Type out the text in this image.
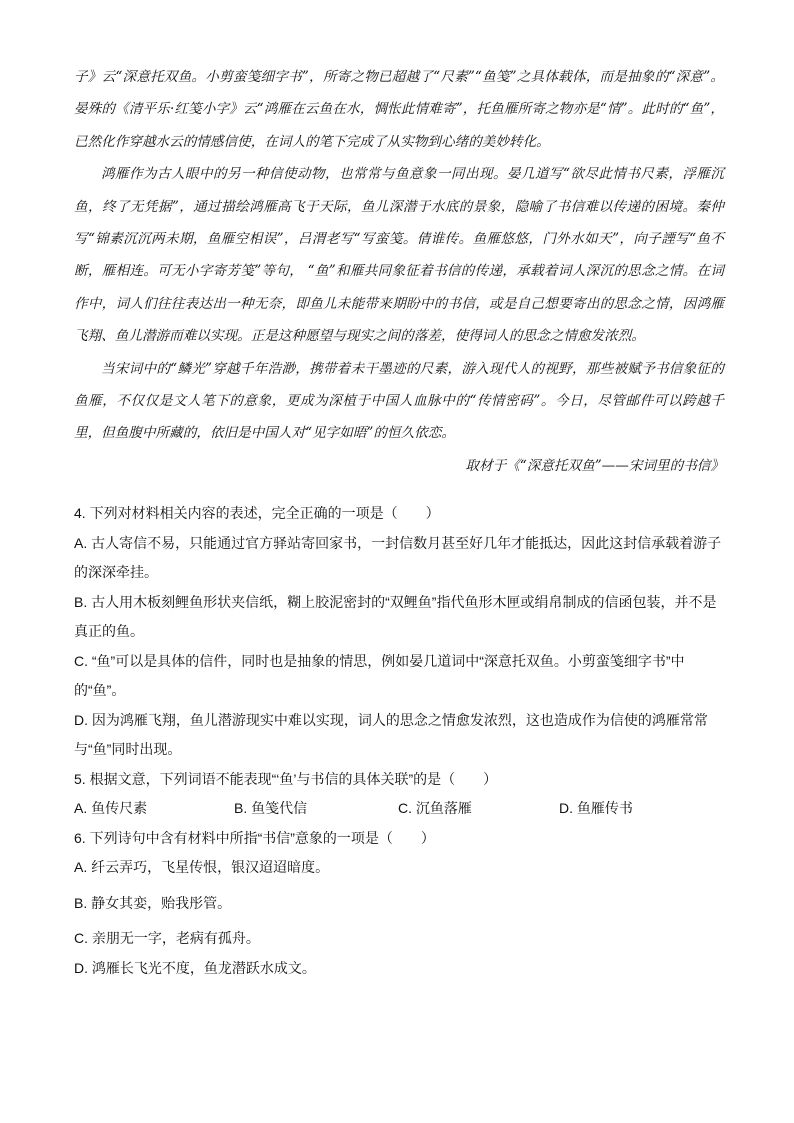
子》云“深意托双鱼。小剪蛮笺细字书”，所寄之物已超越了“尺素”“鱼笺”之具体载体，而是抽象的“深意”。晏殊的《清平乐·红笺小字》云“鸿雁在云鱼在水，惆怅此情难寄”，托鱼雁所寄之物亦是“情”。此时的“鱼”，已然化作穿越水云的情感信使，在词人的笔下完成了从实物到心绪的美妙转化。

鸿雁作为古人眼中的另一种信使动物，也常常与鱼意象一同出现。晏几道写“欲尽此情书尺素，浮雁沉鱼，终了无凭据”，通过描绘鸿雁高飞于天际，鱼儿深潜于水底的景象，隐喻了书信难以传递的困境。秦仲写“锦素沉沉两未期，鱼雁空相误”，吕渭老写“写蛮笺。倩谁传。鱼雁悠悠，门外水如天”，向子諲写“鱼不断，雁相连。可无小字寄芳笺”等句， “鱼”和雁共同象征着书信的传递，承载着词人深沉的思念之情。在词作中，词人们往往表达出一种无奈，即鱼儿未能带来期盼中的书信，或是自己想要寄出的思念之情，因鸿雁飞翔、鱼儿潜游而难以实现。正是这种愿望与现实之间的落差，使得词人的思念之情愈发浓烈。

当宋词中的“鳞光”穿越千年浩渺，携带着未干墨迹的尺素，游入现代人的视野，那些被赋予书信象征的鱼雁，不仅仅是文人笔下的意象，更成为深植于中国人血脉中的“传情密码”。今日，尽管邮件可以跨越千里，但鱼腹中所藏的，依旧是中国人对“见字如晤”的恒久依恋。

取材于《“深意托双鱼”——宋词里的书信》

4. 下列对材料相关内容的表述，完全正确的一项是（　　）

A. 古人寄信不易，只能通过官方驿站寄回家书，一封信数月甚至好几年才能抵达，因此这封信承载着游子的深深牵挂。

B. 古人用木板刻鲤鱼形状夹信纸，糊上胶泥密封的“双鲤鱼”指代鱼形木匣或绢帛制成的信函包装，并不是真正的鱼。

C. “鱼”可以是具体的信件，同时也是抽象的情思，例如晏几道词中“深意托双鱼。小剪蛮笺细字书”中的“鱼”。

D. 因为鸿雁飞翔，鱼儿潜游现实中难以实现，词人的思念之情愈发浓烈，这也造成作为信使的鸿雁常常与“鱼”同时出现。

5. 根据文意，下列词语不能表现“‘鱼’与书信的具体关联”的是（　　）

A. 鱼传尺素	B. 鱼笺代信	C. 沉鱼落雁	D. 鱼雁传书

6. 下列诗句中含有材料中所指“书信”意象的一项是（　　）

A. 纤云弄巧，飞星传恨，银汉迢迢暗度。

B. 静女其娈，贻我彤管。

C. 亲朋无一字，老病有孤舟。

D. 鸿雁长飞光不度，鱼龙潜跃水成文。
